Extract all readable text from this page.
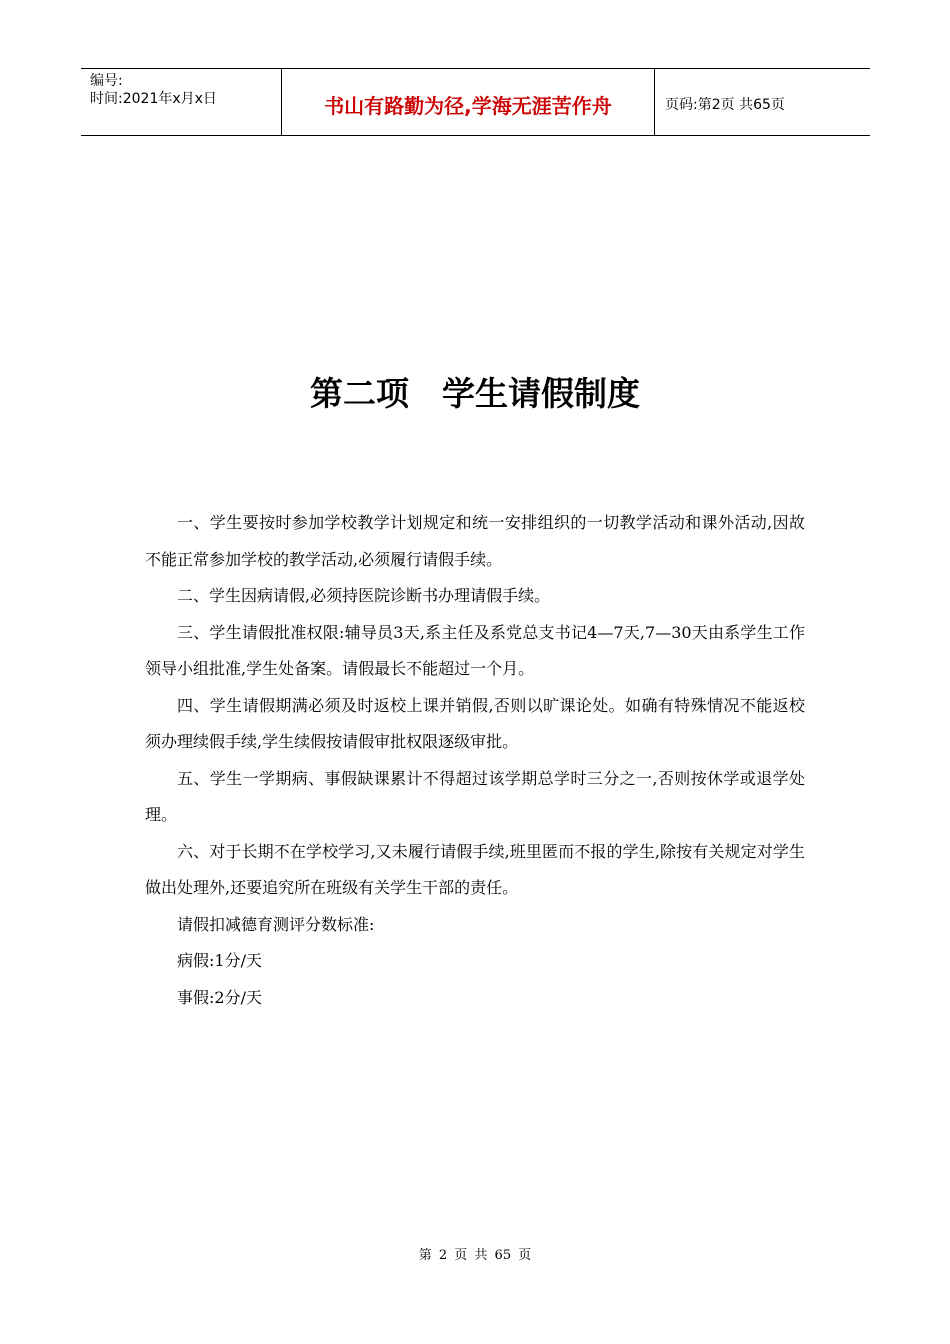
编号:
时间:2021年x月x日	书山有路勤为径,学海无涯苦作舟	页码:第2页 共65页
第二项　学生请假制度

一、学生要按时参加学校教学计划规定和统一安排组织的一切教学活动和课外活动,因故不能正常参加学校的教学活动,必须履行请假手续。

二、学生因病请假,必须持医院诊断书办理请假手续。

三、学生请假批准权限:辅导员3天,系主任及系党总支书记4—7天,7—30天由系学生工作领导小组批准,学生处备案。请假最长不能超过一个月。

四、学生请假期满必须及时返校上课并销假,否则以旷课论处。如确有特殊情况不能返校须办理续假手续,学生续假按请假审批权限逐级审批。

五、学生一学期病、事假缺课累计不得超过该学期总学时三分之一,否则按休学或退学处理。

六、对于长期不在学校学习,又未履行请假手续,班里匿而不报的学生,除按有关规定对学生做出处理外,还要追究所在班级有关学生干部的责任。

请假扣减德育测评分数标准:

病假:1分/天

事假:2分/天

第 2 页 共 65 页
